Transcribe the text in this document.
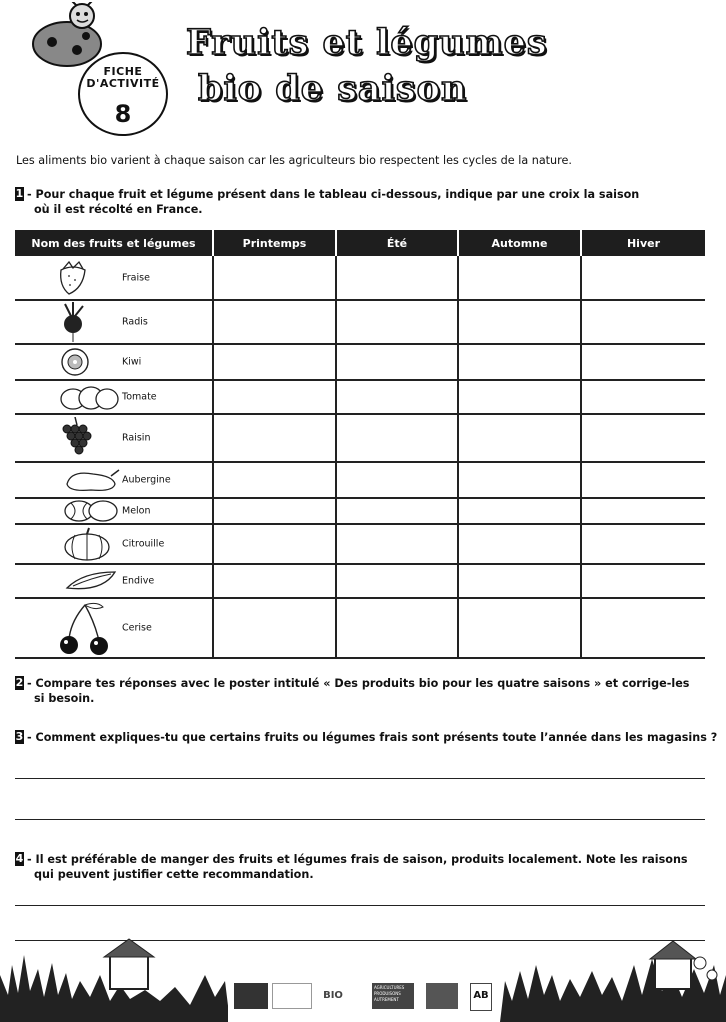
FICHE
D'ACTIVITÉ
8
Fruits et légumes
bio de saison
Les aliments bio varient à chaque saison car les agriculteurs bio respectent les cycles de la nature.
1 - Pour chaque fruit et légume présent dans le tableau ci-dessous, indique par une croix la saison
où il est récolté en France.
Nom des fruits et légumes	Printemps	Été	Automne	Hiver

Fraise				

Radis				

Kiwi				

Tomate				

Raisin				

Aubergine				

Melon				

Citrouille				

Endive				

Cerise				

2 - Compare tes réponses avec le poster intitulé « Des produits bio pour les quatre saisons » et corrige-les
si besoin.
3 - Comment expliques-tu que certains fruits ou légumes frais sont présents toute l’année dans les magasins ?
4 - Il est préférable de manger des fruits et légumes frais de saison, produits localement. Note les raisons
qui peuvent justifier cette recommandation.
BIO
AGRICULTURES PRODUISONS AUTREMENT	AB
